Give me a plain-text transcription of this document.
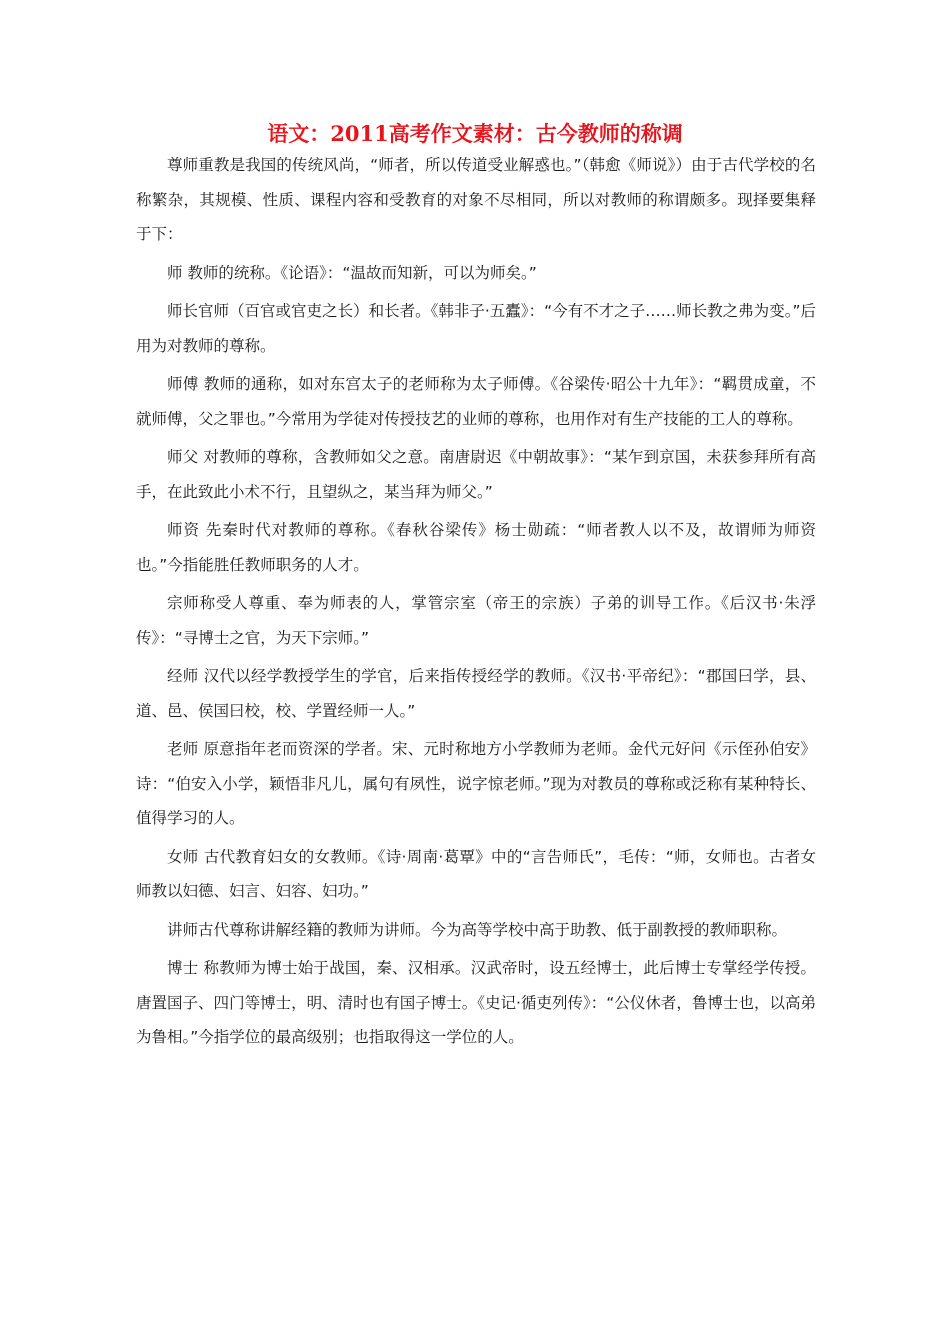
语文：2011高考作文素材：古今教师的称调

尊师重教是我国的传统风尚，“师者，所以传道受业解惑也。”（韩愈《师说》）由于古代学校的名称繁杂，其规模、性质、课程内容和受教育的对象不尽相同，所以对教师的称谓颇多。现择要集释于下：

师 教师的统称。《论语》：“温故而知新，可以为师矣。”

师长官师（百官或官吏之长）和长者。《韩非子·五蠹》：“今有不才之子……师长教之弗为变。”后用为对教师的尊称。

师傅 教师的通称，如对东宫太子的老师称为太子师傅。《谷梁传·昭公十九年》：“羁贯成童，不就师傅，父之罪也。”今常用为学徒对传授技艺的业师的尊称，也用作对有生产技能的工人的尊称。

师父 对教师的尊称，含教师如父之意。南唐尉迟《中朝故事》：“某乍到京国，未获参拜所有高手，在此致此小术不行，且望纵之，某当拜为师父。”

师资 先秦时代对教师的尊称。《春秋谷梁传》杨士勋疏：“师者教人以不及，故谓师为师资也。”今指能胜任教师职务的人才。

宗师称受人尊重、奉为师表的人，掌管宗室（帝王的宗族）子弟的训导工作。《后汉书·朱浮传》：“寻博士之官，为天下宗师。”

经师 汉代以经学教授学生的学官，后来指传授经学的教师。《汉书·平帝纪》：“郡国曰学，县、道、邑、侯国曰校，校、学置经师一人。”

老师 原意指年老而资深的学者。宋、元时称地方小学教师为老师。金代元好问《示侄孙伯安》诗：“伯安入小学，颖悟非凡儿，属句有夙性，说字惊老师。”现为对教员的尊称或泛称有某种特长、值得学习的人。

女师 古代教育妇女的女教师。《诗·周南·葛覃》中的“言告师氏”，毛传：“师，女师也。古者女师教以妇德、妇言、妇容、妇功。”

讲师古代尊称讲解经籍的教师为讲师。今为高等学校中高于助教、低于副教授的教师职称。

博士 称教师为博士始于战国，秦、汉相承。汉武帝时，设五经博士，此后博士专掌经学传授。唐置国子、四门等博士，明、清时也有国子博士。《史记·循吏列传》：“公仪休者，鲁博士也，以高弟为鲁相。”今指学位的最高级别；也指取得这一学位的人。
